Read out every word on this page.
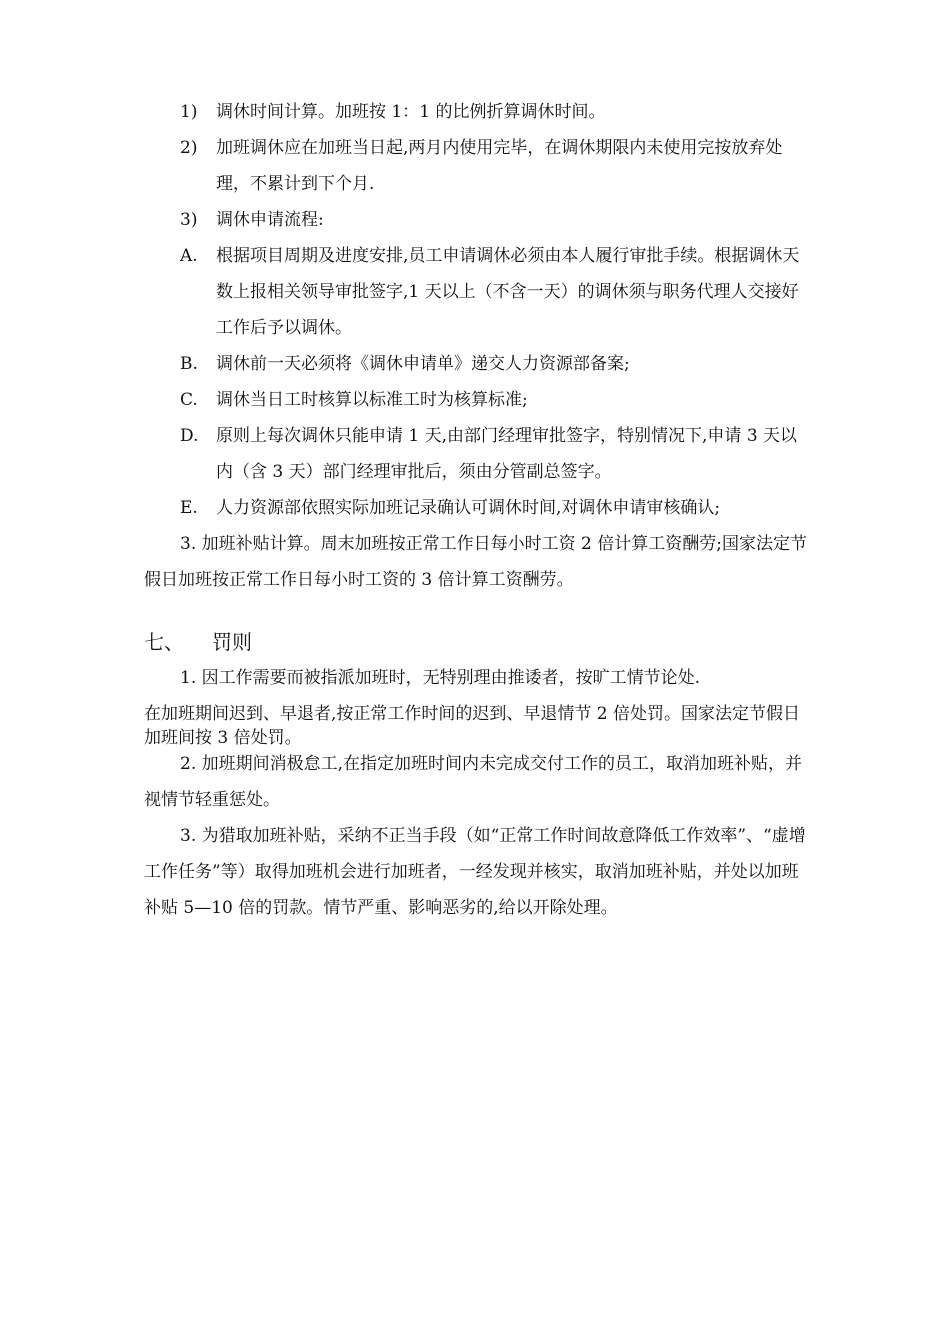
1) 调休时间计算。加班按 1：1 的比例折算调休时间。
2) 加班调休应在加班当日起,两月内使用完毕，在调休期限内未使用完按放弃处理，不累计到下个月.
3) 调休申请流程:
A. 根据项目周期及进度安排,员工申请调休必须由本人履行审批手续。根据调休天数上报相关领导审批签字,1 天以上（不含一天）的调休须与职务代理人交接好工作后予以调休。
B. 调休前一天必须将《调休申请单》递交人力资源部备案;
C. 调休当日工时核算以标准工时为核算标准;
D. 原则上每次调休只能申请 1 天,由部门经理审批签字，特别情况下,申请 3 天以内（含 3 天）部门经理审批后，须由分管副总签字。
E. 人力资源部依照实际加班记录确认可调休时间,对调休申请审核确认;
3. 加班补贴计算。周末加班按正常工作日每小时工资 2 倍计算工资酬劳;国家法定节假日加班按正常工作日每小时工资的 3 倍计算工资酬劳。
七、 罚则
1. 因工作需要而被指派加班时，无特别理由推诿者，按旷工情节论处.
在加班期间迟到、早退者,按正常工作时间的迟到、早退情节 2 倍处罚。国家法定节假日加班间按 3 倍处罚。
2. 加班期间消极怠工,在指定加班时间内未完成交付工作的员工，取消加班补贴，并视情节轻重惩处。
3. 为猎取加班补贴，采纳不正当手段（如“正常工作时间故意降低工作效率”、“虚增工作任务”等）取得加班机会进行加班者，一经发现并核实，取消加班补贴，并处以加班补贴 5—10 倍的罚款。情节严重、影响恶劣的,给以开除处理。
